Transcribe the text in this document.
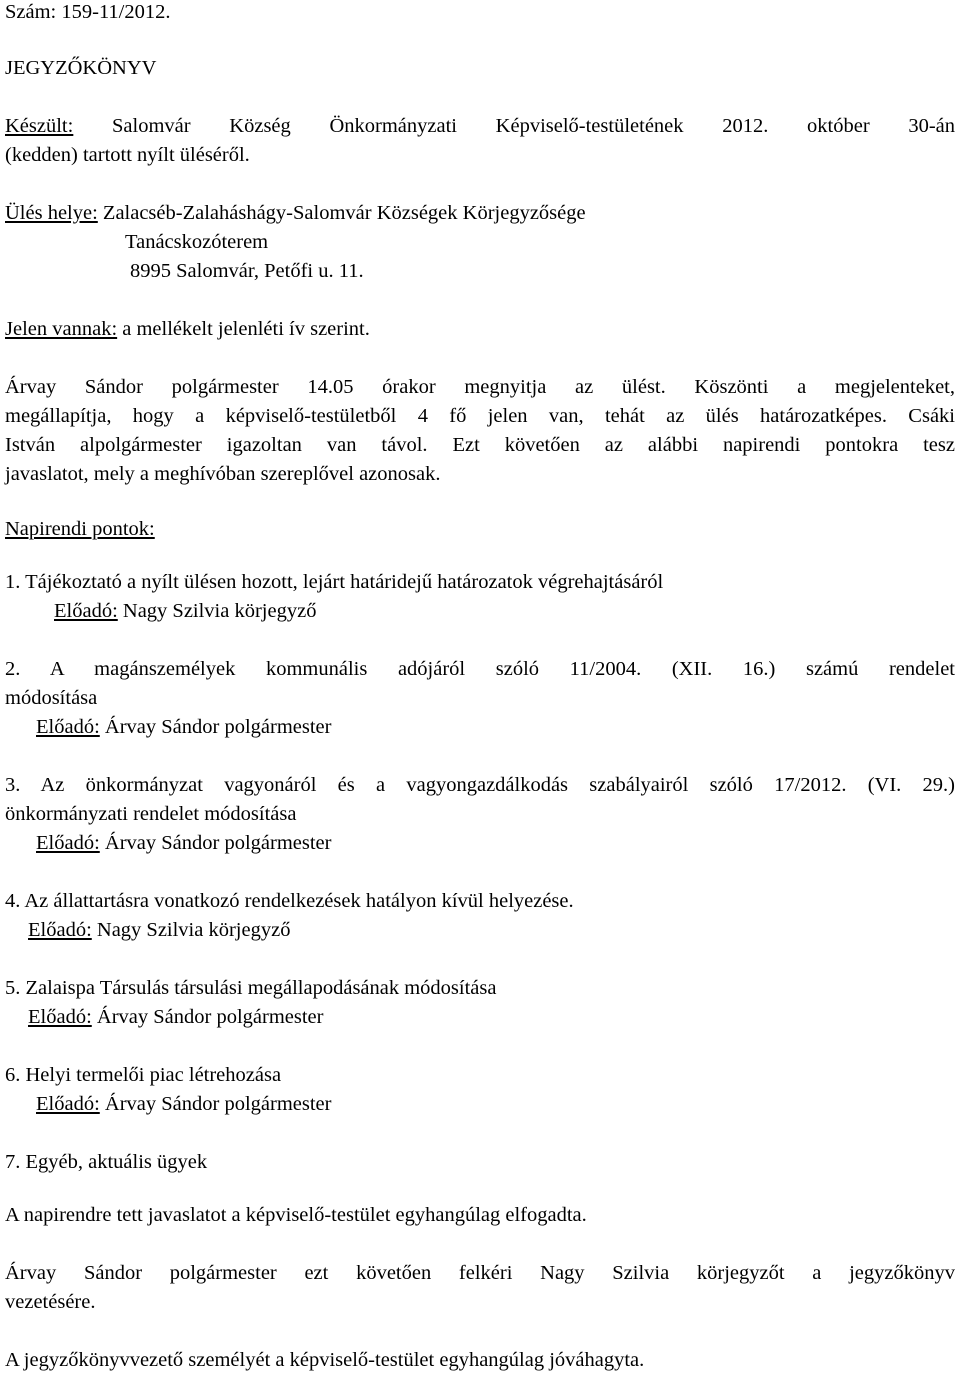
Szám: 159-11/2012.
JEGYZŐKÖNYV
Készült: Salomvár Község Önkormányzati Képviselő-testületének 2012. október 30-án
(kedden) tartott nyílt üléséről.
Ülés helye: Zalacséb-Zalaháshágy-Salomvár Községek Körjegyzősége
Tanácskozóterem
8995 Salomvár, Petőfi u. 11.
Jelen vannak: a mellékelt jelenléti ív szerint.
Árvay Sándor polgármester 14.05 órakor megnyitja az ülést. Köszönti a megjelenteket,
megállapítja, hogy a képviselő-testületből 4 fő jelen van, tehát az ülés határozatképes. Csáki
István alpolgármester igazoltan van távol. Ezt követően az alábbi napirendi pontokra tesz
javaslatot, mely a meghívóban szereplővel azonosak.
Napirendi pontok:
1. Tájékoztató a nyílt ülésen hozott, lejárt határidejű határozatok végrehajtásáról
Előadó: Nagy Szilvia körjegyző
2. A magánszemélyek kommunális adójáról szóló 11/2004. (XII. 16.) számú rendelet
módosítása
Előadó: Árvay Sándor polgármester
3. Az önkormányzat vagyonáról és a vagyongazdálkodás szabályairól szóló 17/2012. (VI. 29.)
önkormányzati rendelet módosítása
Előadó: Árvay Sándor polgármester
4. Az állattartásra vonatkozó rendelkezések hatályon kívül helyezése.
Előadó: Nagy Szilvia körjegyző
5. Zalaispa Társulás társulási megállapodásának módosítása
Előadó: Árvay Sándor polgármester
6. Helyi termelői piac létrehozása
Előadó: Árvay Sándor polgármester
7. Egyéb, aktuális ügyek
A napirendre tett javaslatot a képviselő-testület egyhangúlag elfogadta.
Árvay Sándor polgármester ezt követően felkéri Nagy Szilvia körjegyzőt a jegyzőkönyv
vezetésére.
A jegyzőkönyvvezető személyét a képviselő-testület egyhangúlag jóváhagyta.
